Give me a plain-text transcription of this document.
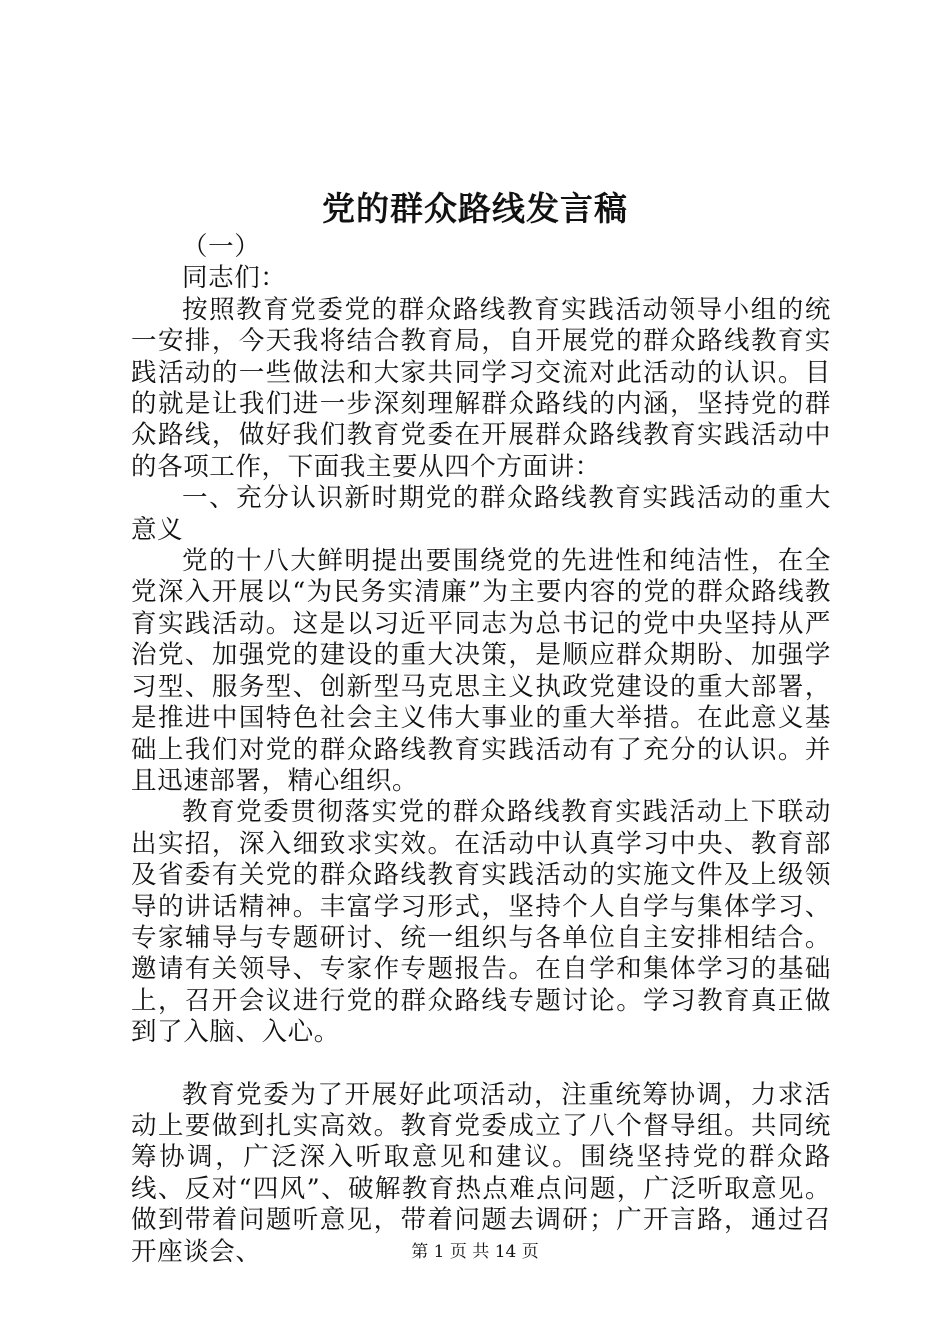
党的群众路线发言稿

（一）

同志们：

按照教育党委党的群众路线教育实践活动领导小组的统一安排，今天我将结合教育局，自开展党的群众路线教育实践活动的一些做法和大家共同学习交流对此活动的认识。目的就是让我们进一步深刻理解群众路线的内涵，坚持党的群众路线，做好我们教育党委在开展群众路线教育实践活动中的各项工作，下面我主要从四个方面讲：

一、充分认识新时期党的群众路线教育实践活动的重大意义

党的十八大鲜明提出要围绕党的先进性和纯洁性，在全党深入开展以“为民务实清廉”为主要内容的党的群众路线教育实践活动。这是以习近平同志为总书记的党中央坚持从严治党、加强党的建设的重大决策，是顺应群众期盼、加强学习型、服务型、创新型马克思主义执政党建设的重大部署，是推进中国特色社会主义伟大事业的重大举措。在此意义基础上我们对党的群众路线教育实践活动有了充分的认识。并且迅速部署，精心组织。

教育党委贯彻落实党的群众路线教育实践活动上下联动出实招，深入细致求实效。在活动中认真学习中央、教育部及省委有关党的群众路线教育实践活动的实施文件及上级领导的讲话精神。丰富学习形式，坚持个人自学与集体学习、专家辅导与专题研讨、统一组织与各单位自主安排相结合。邀请有关领导、专家作专题报告。在自学和集体学习的基础上，召开会议进行党的群众路线专题讨论。学习教育真正做到了入脑、入心。

教育党委为了开展好此项活动，注重统筹协调，力求活动上要做到扎实高效。教育党委成立了八个督导组。共同统筹协调，广泛深入听取意见和建议。围绕坚持党的群众路线、反对“四风”、破解教育热点难点问题，广泛听取意见。做到带着问题听意见，带着问题去调研；广开言路，通过召开座谈会、	第 1 页 共 14 页
